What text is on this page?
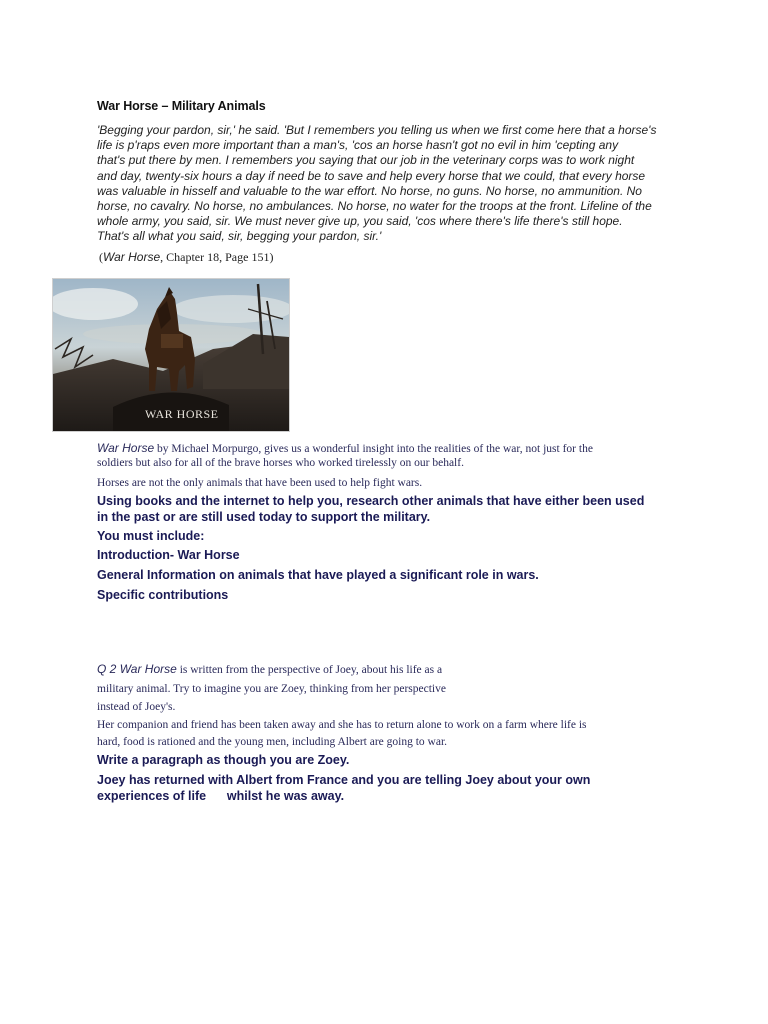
War Horse – Military Animals

'Begging your pardon, sir,' he said. 'But I remembers you telling us when we first come here that a horse's

life is p'raps even more important than a man's, 'cos an horse hasn't got no evil in him 'cepting any

that's put there by men. I remembers you saying that our job in the veterinary corps was to work night

and day, twenty-six hours a day if need be to save and help every horse that we could, that every horse

was valuable in hisself and valuable to the war effort. No horse, no guns. No horse, no ammunition. No

horse, no cavalry. No horse, no ambulances. No horse, no water for the troops at the front. Lifeline of the

whole army, you said, sir. We must never give up, you said, 'cos where there's life there's still hope.

That's all what you said, sir, begging your pardon, sir.'

(War Horse, Chapter 18, Page 151)
WAR HORSE
War Horse by Michael Morpurgo, gives us a wonderful insight into the realities of the war, not just for the
soldiers but also for all of the brave horses who worked tirelessly on our behalf.
Horses are not the only animals that have been used to help fight wars.
Using books and the internet to help you, research other animals that have either been used
in the past or are still used today to support the military.
You must include:
Introduction- War Horse
General Information on animals that have played a significant role in wars.
Specific contributions
Q 2 War Horse is written from the perspective of Joey, about his life as a
military animal. Try to imagine you are Zoey, thinking from her perspective
instead of Joey's.
Her companion and friend has been taken away and she has to return alone to work on a farm where life is
hard, food is rationed and the young men, including Albert are going to war.
Write a paragraph as though you are Zoey.
Joey has returned with Albert from France and you are telling Joey about your own
experiences of life      whilst he was away.
